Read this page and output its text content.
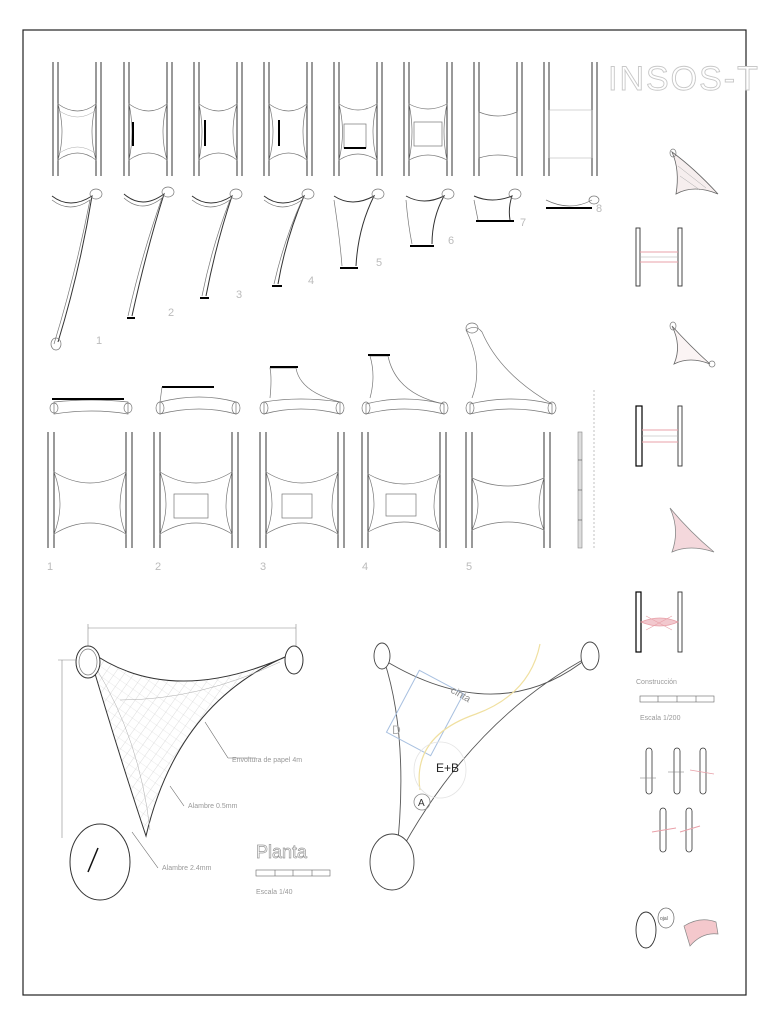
INSOS-T
1
2
3
4
5
6
7
8
1	2	3	4	5
Envoltura de papel 4m
Alambre 0.5mm
Alambre 2.4mm
Planta
Escala 1/40
D
E+B
cinta
A
Construcción
Escala 1/200
ojal
